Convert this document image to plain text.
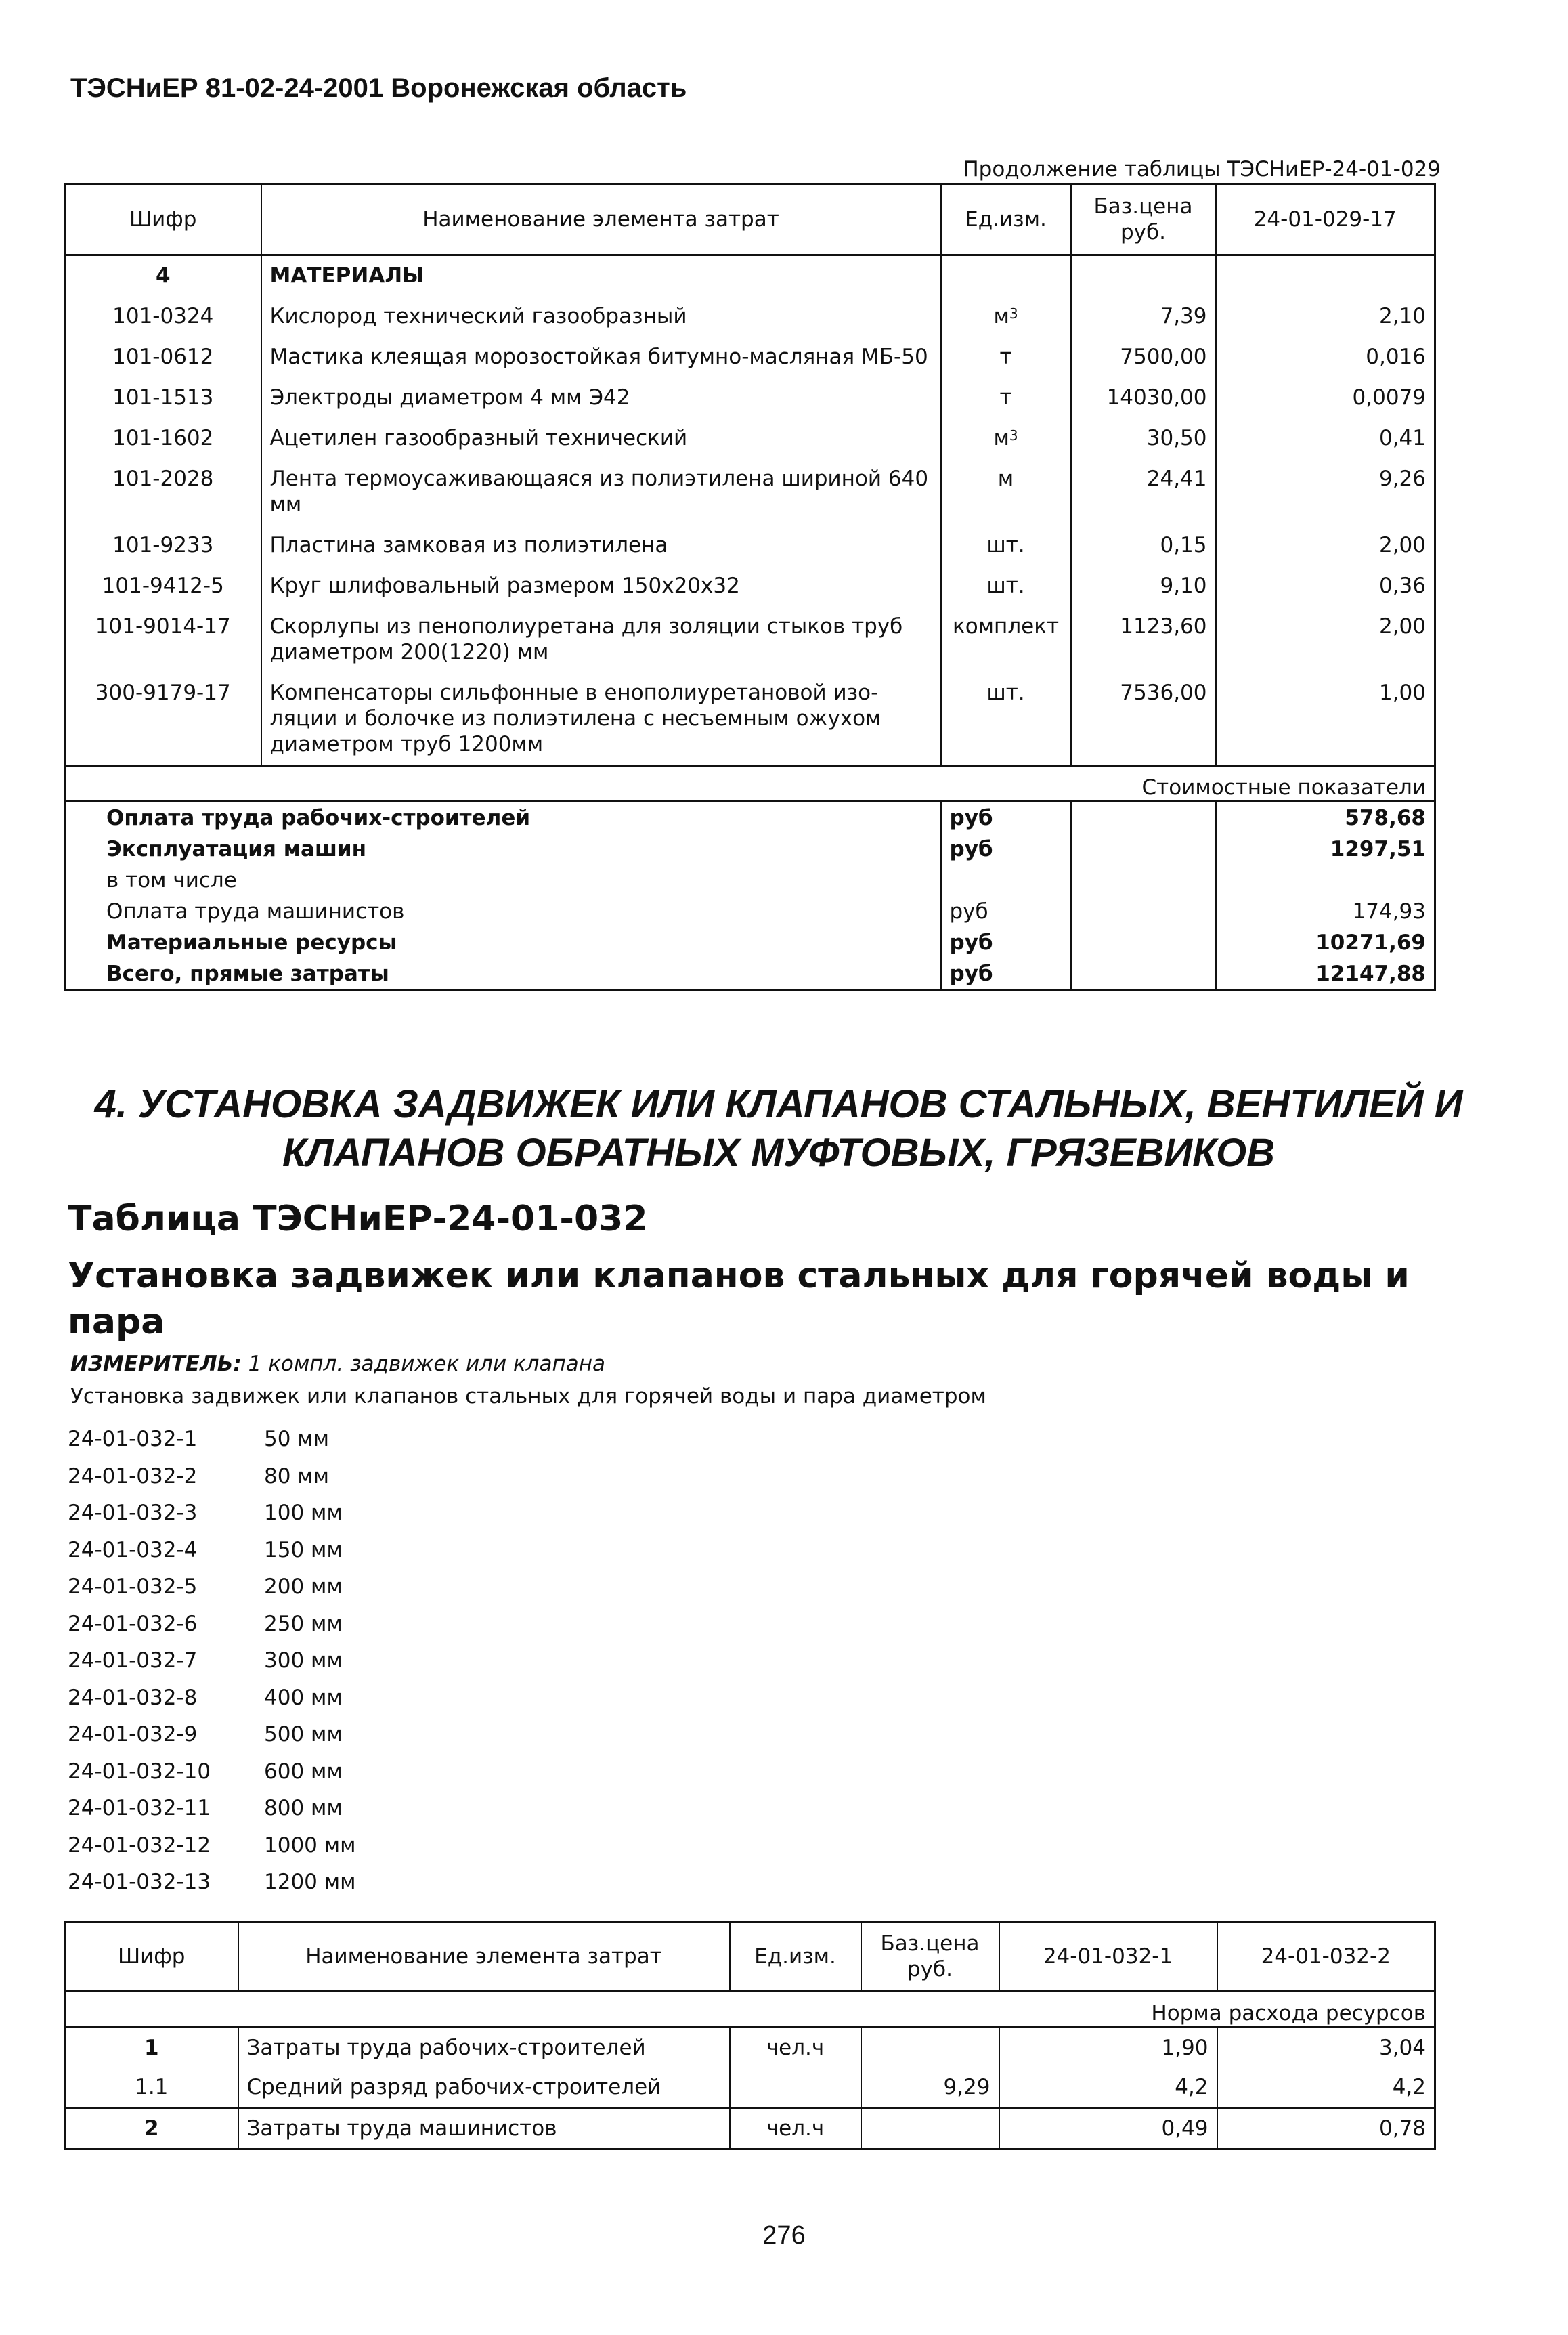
ТЭСНиЕР 81-02-24-2001 Воронежская область
Продолжение таблицы ТЭСНиЕР-24-01-029
Шифр	Наименование элемента затрат	Ед.изм.	Баз.цена руб.	24-01-029-17
4	МАТЕРИАЛЫ			
101-0324	Кислород технический газообразный	$м^3$	7,39	2,10
101-0612	Мастика клеящая морозостойкая битумно-масляная МБ-50	т	7500,00	0,016
101-1513	Электроды диаметром 4 мм Э42	т	14030,00	0,0079
101-1602	Ацетилен газообразный технический	$м^3$	30,50	0,41
101-2028	Лента термоусаживающаяся из полиэтилена шириной 640 мм	м	24,41	9,26
101-9233	Пластина замковая из полиэтилена	шт.	0,15	2,00
101-9412-5	Круг шлифовальный размером 150х20х32	шт.	9,10	0,36
101-9014-17	Скорлупы из пенополиуретана для золяции стыков труб диаметром 200(1220) мм	комплект	1123,60	2,00
300-9179-17	Компенсаторы сильфонные в енополиуретановой изо-ляции и болочке из полиэтилена с несъемным ожухом диаметром труб 1200мм	шт.	7536,00	1,00
Стоимостные показатели				
Оплата труда рабочих-строителей		руб		578,68
Эксплуатация машин		руб		1297,51
в том числе				
Оплата труда машинистов		руб		174,93
Материальные ресурсы		руб		10271,69
Всего, прямые затраты		руб		12147,88
4. УСТАНОВКА ЗАДВИЖЕК ИЛИ КЛАПАНОВ СТАЛЬНЫХ, ВЕНТИЛЕЙ И КЛАПАНОВ ОБРАТНЫХ МУФТОВЫХ, ГРЯЗЕВИКОВ
Таблица ТЭСНиЕР-24-01-032
Установка задвижек или клапанов стальных для горячей воды и пара
ИЗМЕРИТЕЛЬ: 1 компл. задвижек или клапана
Установка задвижек или клапанов стальных для горячей воды и пара диаметром
24-01-032-1	50 мм
24-01-032-2	80 мм
24-01-032-3	100 мм
24-01-032-4	150 мм
24-01-032-5	200 мм
24-01-032-6	250 мм
24-01-032-7	300 мм
24-01-032-8	400 мм
24-01-032-9	500 мм
24-01-032-10	600 мм
24-01-032-11	800 мм
24-01-032-12	1000 мм
24-01-032-13	1200 мм
Шифр	Наименование элемента затрат	Ед.изм.	Баз.цена руб.	24-01-032-1	24-01-032-2
Норма расхода ресурсов					
1	Затраты труда рабочих-строителей	чел.ч		1,90	3,04
1.1	Средний разряд рабочих-строителей		9,29	4,2	4,2
2	Затраты труда машинистов	чел.ч		0,49	0,78
276
